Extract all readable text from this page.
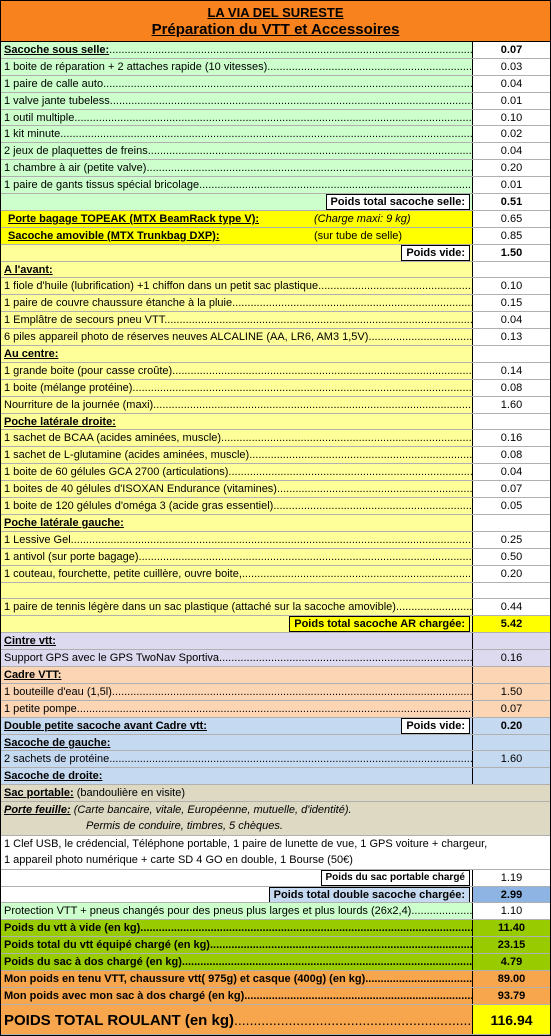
LA VIA DEL SURESTE
Préparation du VTT et Accessoires
Sacoche sous selle: .....	0.07
1 boite de réparation + 2 attaches rapide (10 vitesses) .....	0.03
1 paire de calle auto .....	0.04
1 valve jante tubeless .....	0.01
1 outil multiple .....	0.10
1 kit minute .....	0.02
2 jeux de plaquettes de freins .....	0.04
1 chambre à air (petite valve) .....	0.20
1 paire de gants tissus spécial bricolage .....	0.01
Poids total sacoche selle:	0.51
Porte bagage TOPEAK (MTX BeamRack type V):	(Charge maxi: 9 kg)	0.65
Sacoche amovible (MTX Trunkbag DXP):	(sur tube de selle)	0.85
Poids vide:	1.50
A l'avant:
1 fiole d'huile (lubrification) +1 chiffon dans un petit sac plastique .....	0.10
1 paire de couvre chaussure étanche à la pluie .....	0.15
1 Emplâtre de secours pneu VTT .....	0.04
6 piles appareil photo de réserves neuves ALCALINE (AA, LR6, AM3 1,5V) .....	0.13
Au centre:
1 grande boite (pour casse croûte) .....	0.14
1 boite (mélange protéine) .....	0.08
Nourriture de la journée (maxi) .....	1.60
Poche latérale droite:
1 sachet de BCAA (acides aminées, muscle) .....	0.16
1 sachet de L-glutamine (acides aminées, muscle) .....	0.08
1 boite de 60 gélules GCA 2700 (articulations) .....	0.04
1 boites de 40 gélules d'ISOXAN Endurance (vitamines) .....	0.07
1 boite de 120 gélules d'oméga 3 (acide gras essentiel) .....	0.05
Poche latérale gauche:
1 Lessive Gel .....	0.25
1 antivol (sur porte bagage) .....	0.50
1 couteau, fourchette, petite cuillère, ouvre boite, .....	0.20
1 paire de tennis légère dans un sac plastique (attaché sur la sacoche amovible) .....	0.44
Poids total sacoche AR chargée:	5.42
Cintre vtt:
Support GPS avec le GPS TwoNav Sportiva .....	0.16
Cadre VTT:
1 bouteille d'eau (1,5l) .....	1.50
1 petite pompe .....	0.07
Double petite sacoche avant Cadre vtt:	Poids vide:	0.20
Sacoche de gauche:
2 sachets de protéine .....	1.60
Sacoche de droite:
Sac portable: (bandoulière en visite)
Porte feuille: (Carte bancaire, vitale, Européenne, mutuelle, d'identité).
Permis de conduire, timbres, 5 chèques.
1 Clef USB, le crédencial, Téléphone portable, 1 paire de lunette de vue, 1 GPS voiture + chargeur,
1 appareil photo numérique + carte SD 4 GO en double, 1 Bourse (50€)
Poids du sac portable chargé	1.19
Poids total double sacoche chargée:	2.99
Protection VTT + pneus changés pour des pneus plus larges et plus lourds (26x2,4) .....	1.10
Poids du vtt à vide (en kg) .....	11.40
Poids total du vtt équipé chargé (en kg) .....	23.15
Poids du sac à dos chargé (en kg) .....	4.79
Mon poids en tenu VTT, chaussure vtt( 975g) et casque (400g) (en kg) .....	89.00
Mon poids avec mon sac à dos chargé (en kg) .....	93.79
POIDS TOTAL ROULANT (en kg) .....	116.94
